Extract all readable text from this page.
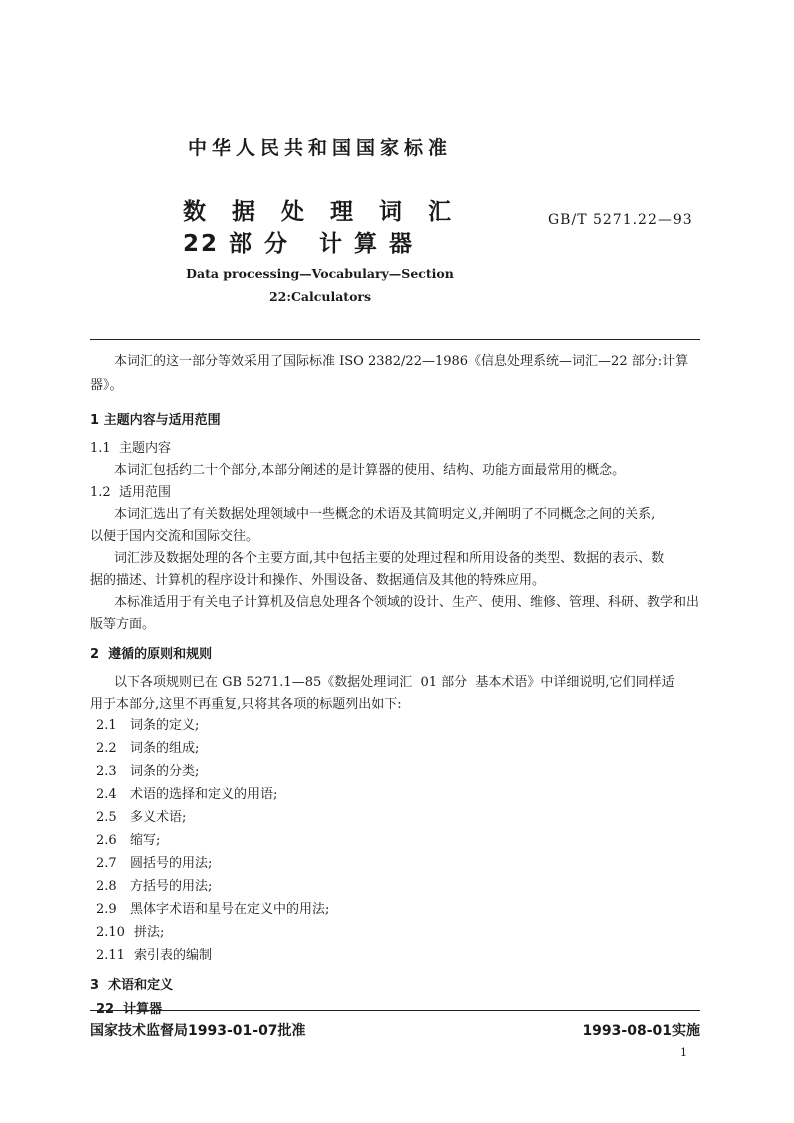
中华人民共和国国家标准
数 据 处 理 词 汇
22 部 分   计 算 器
GB/T 5271.22—93
Data processing—Vocabulary—Section
22:Calculators
本词汇的这一部分等效采用了国际标准 ISO 2382/22—1986《信息处理系统—词汇—22 部分:计算
器》。
1 主题内容与适用范围
1.1  主题内容
本词汇包括约二十个部分,本部分阐述的是计算器的使用、结构、功能方面最常用的概念。
1.2  适用范围
本词汇选出了有关数据处理领域中一些概念的术语及其简明定义,并阐明了不同概念之间的关系,
以便于国内交流和国际交往。
词汇涉及数据处理的各个主要方面,其中包括主要的处理过程和所用设备的类型、数据的表示、数
据的描述、计算机的程序设计和操作、外围设备、数据通信及其他的特殊应用。
本标准适用于有关电子计算机及信息处理各个领域的设计、生产、使用、维修、管理、科研、教学和出
版等方面。
2  遵循的原则和规则
以下各项规则已在 GB 5271.1—85《数据处理词汇  01 部分  基本术语》中详细说明,它们同样适
用于本部分,这里不再重复,只将其各项的标题列出如下:
2.1 词条的定义;
2.2 词条的组成;
2.3 词条的分类;
2.4 术语的选择和定义的用语;
2.5 多义术语;
2.6 缩写;
2.7 圆括号的用法;
2.8 方括号的用法;
2.9 黑体字术语和星号在定义中的用法;
2.10 拼法;
2.11 索引表的编制
3  术语和定义
22  计算器
国家技术监督局1993-01-07批准	1993-08-01实施
1
